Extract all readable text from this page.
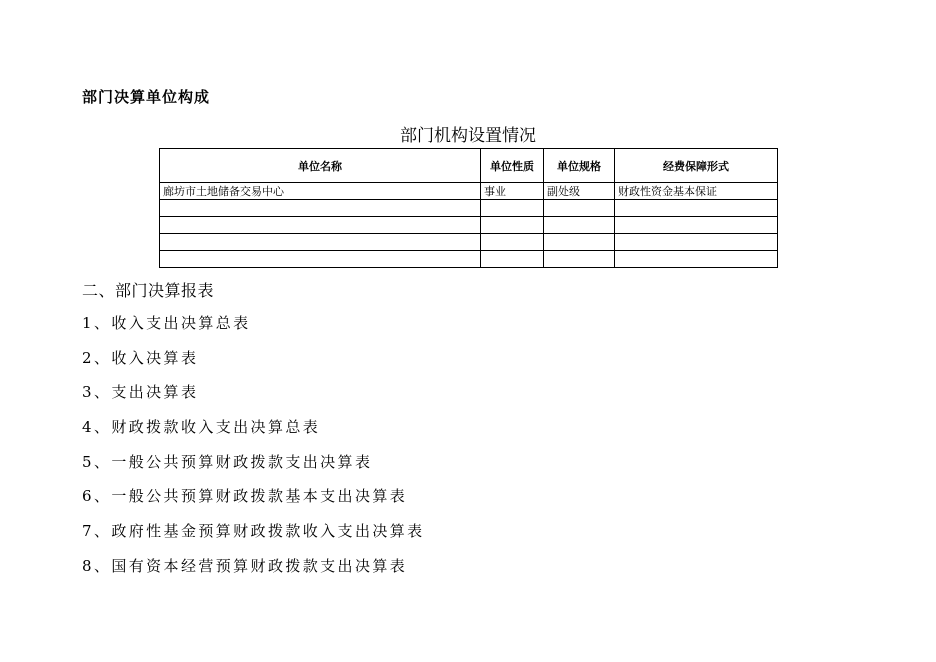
部门决算单位构成
部门机构设置情况
单位名称	单位性质	单位规格	经费保障形式
廊坊市土地储备交易中心	事业	副处级	财政性资金基本保证

二、部门决算报表
1、收入支出决算总表
2、收入决算表
3、支出决算表
4、财政拨款收入支出决算总表
5、一般公共预算财政拨款支出决算表
6、一般公共预算财政拨款基本支出决算表
7、政府性基金预算财政拨款收入支出决算表
8、国有资本经营预算财政拨款支出决算表
